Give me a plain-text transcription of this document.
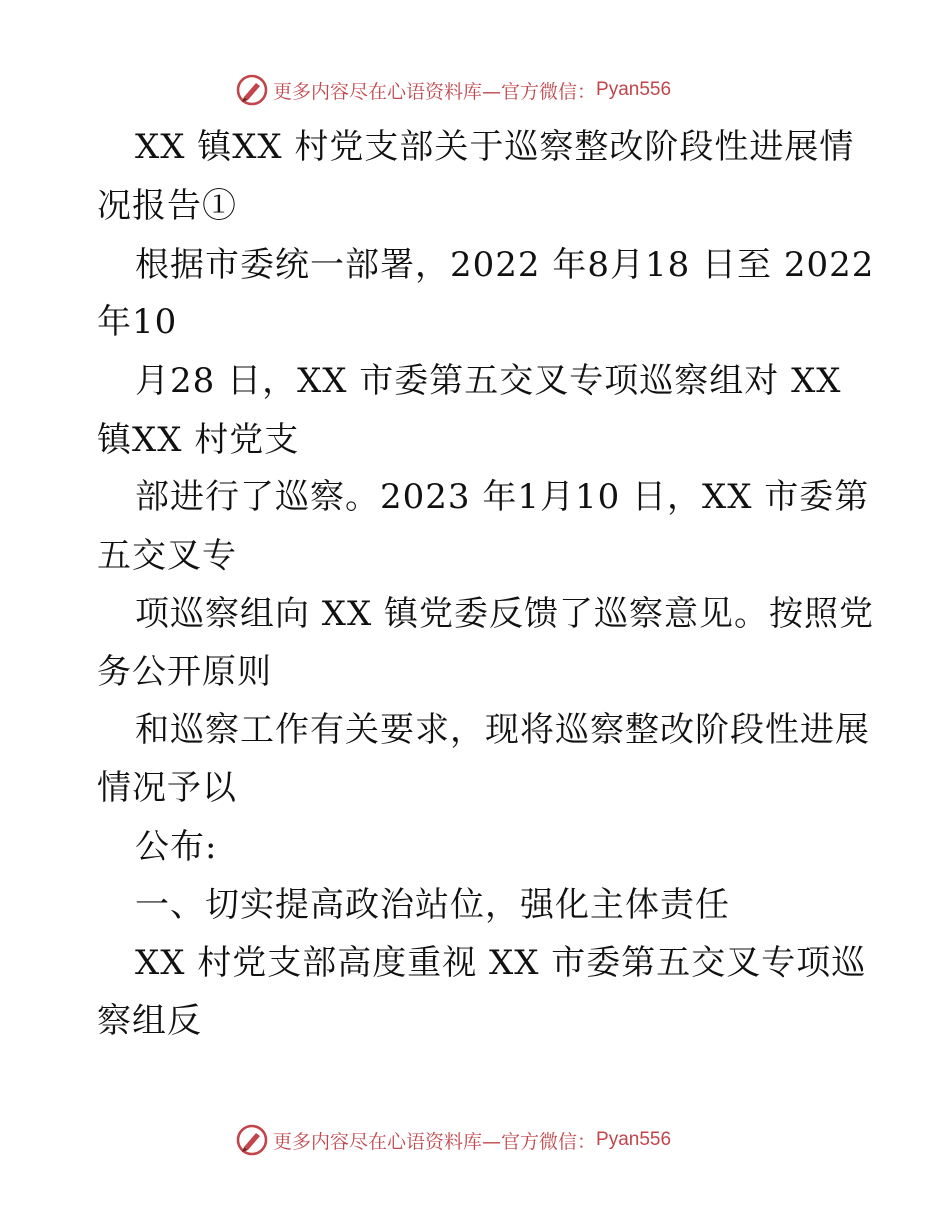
更多内容尽在心语资料库—官方微信： Pyan556
XX 镇XX 村党支部关于巡察整改阶段性进展情
况报告①
根据市委统一部署，2022 年8月18 日至 2022
年10
月28 日，XX 市委第五交叉专项巡察组对 XX
镇XX 村党支
部进行了巡察。2023 年1月10 日，XX 市委第
五交叉专
项巡察组向 XX 镇党委反馈了巡察意见。按照党
务公开原则
和巡察工作有关要求，现将巡察整改阶段性进展
情况予以
公布:
一、切实提高政治站位，强化主体责任
XX 村党支部高度重视 XX 市委第五交叉专项巡
察组反
更多内容尽在心语资料库—官方微信： Pyan556
